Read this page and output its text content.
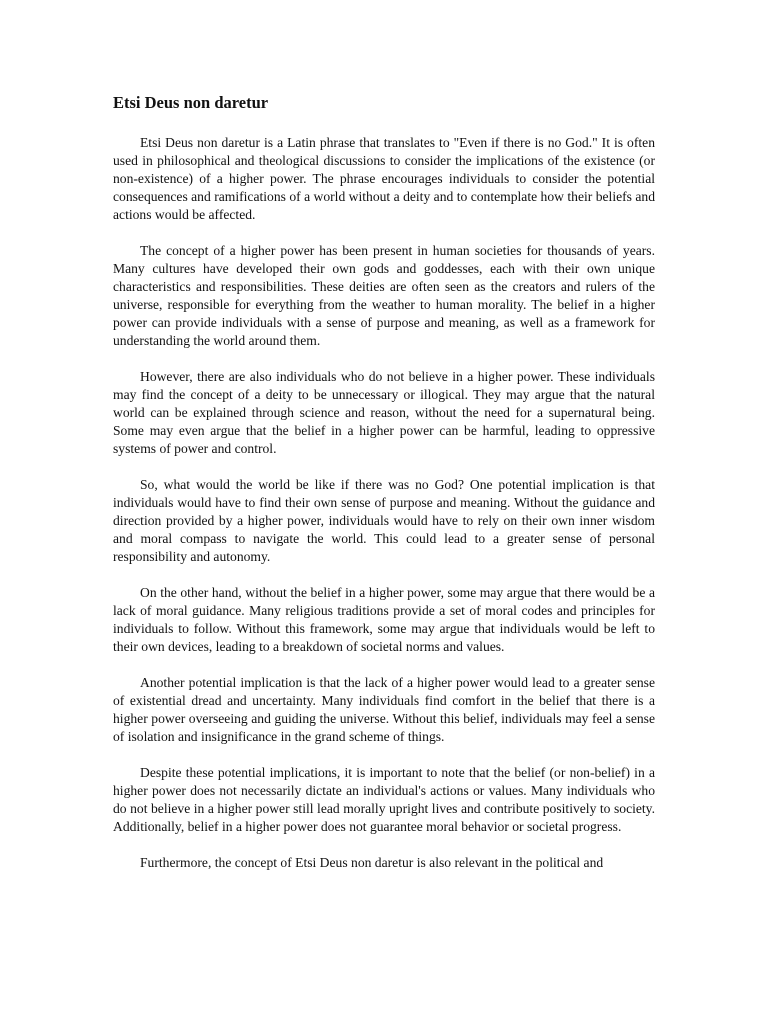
Etsi Deus non daretur

Etsi Deus non daretur is a Latin phrase that translates to "Even if there is no God." It is often used in philosophical and theological discussions to consider the implications of the existence (or non-existence) of a higher power. The phrase encourages individuals to consider the potential consequences and ramifications of a world without a deity and to contemplate how their beliefs and actions would be affected.

The concept of a higher power has been present in human societies for thousands of years. Many cultures have developed their own gods and goddesses, each with their own unique characteristics and responsibilities. These deities are often seen as the creators and rulers of the universe, responsible for everything from the weather to human morality. The belief in a higher power can provide individuals with a sense of purpose and meaning, as well as a framework for understanding the world around them.

However, there are also individuals who do not believe in a higher power. These individuals may find the concept of a deity to be unnecessary or illogical. They may argue that the natural world can be explained through science and reason, without the need for a supernatural being. Some may even argue that the belief in a higher power can be harmful, leading to oppressive systems of power and control.

So, what would the world be like if there was no God? One potential implication is that individuals would have to find their own sense of purpose and meaning. Without the guidance and direction provided by a higher power, individuals would have to rely on their own inner wisdom and moral compass to navigate the world. This could lead to a greater sense of personal responsibility and autonomy.

On the other hand, without the belief in a higher power, some may argue that there would be a lack of moral guidance. Many religious traditions provide a set of moral codes and principles for individuals to follow. Without this framework, some may argue that individuals would be left to their own devices, leading to a breakdown of societal norms and values.

Another potential implication is that the lack of a higher power would lead to a greater sense of existential dread and uncertainty. Many individuals find comfort in the belief that there is a higher power overseeing and guiding the universe. Without this belief, individuals may feel a sense of isolation and insignificance in the grand scheme of things.

Despite these potential implications, it is important to note that the belief (or non-belief) in a higher power does not necessarily dictate an individual's actions or values. Many individuals who do not believe in a higher power still lead morally upright lives and contribute positively to society. Additionally, belief in a higher power does not guarantee moral behavior or societal progress.

Furthermore, the concept of Etsi Deus non daretur is also relevant in the political and
